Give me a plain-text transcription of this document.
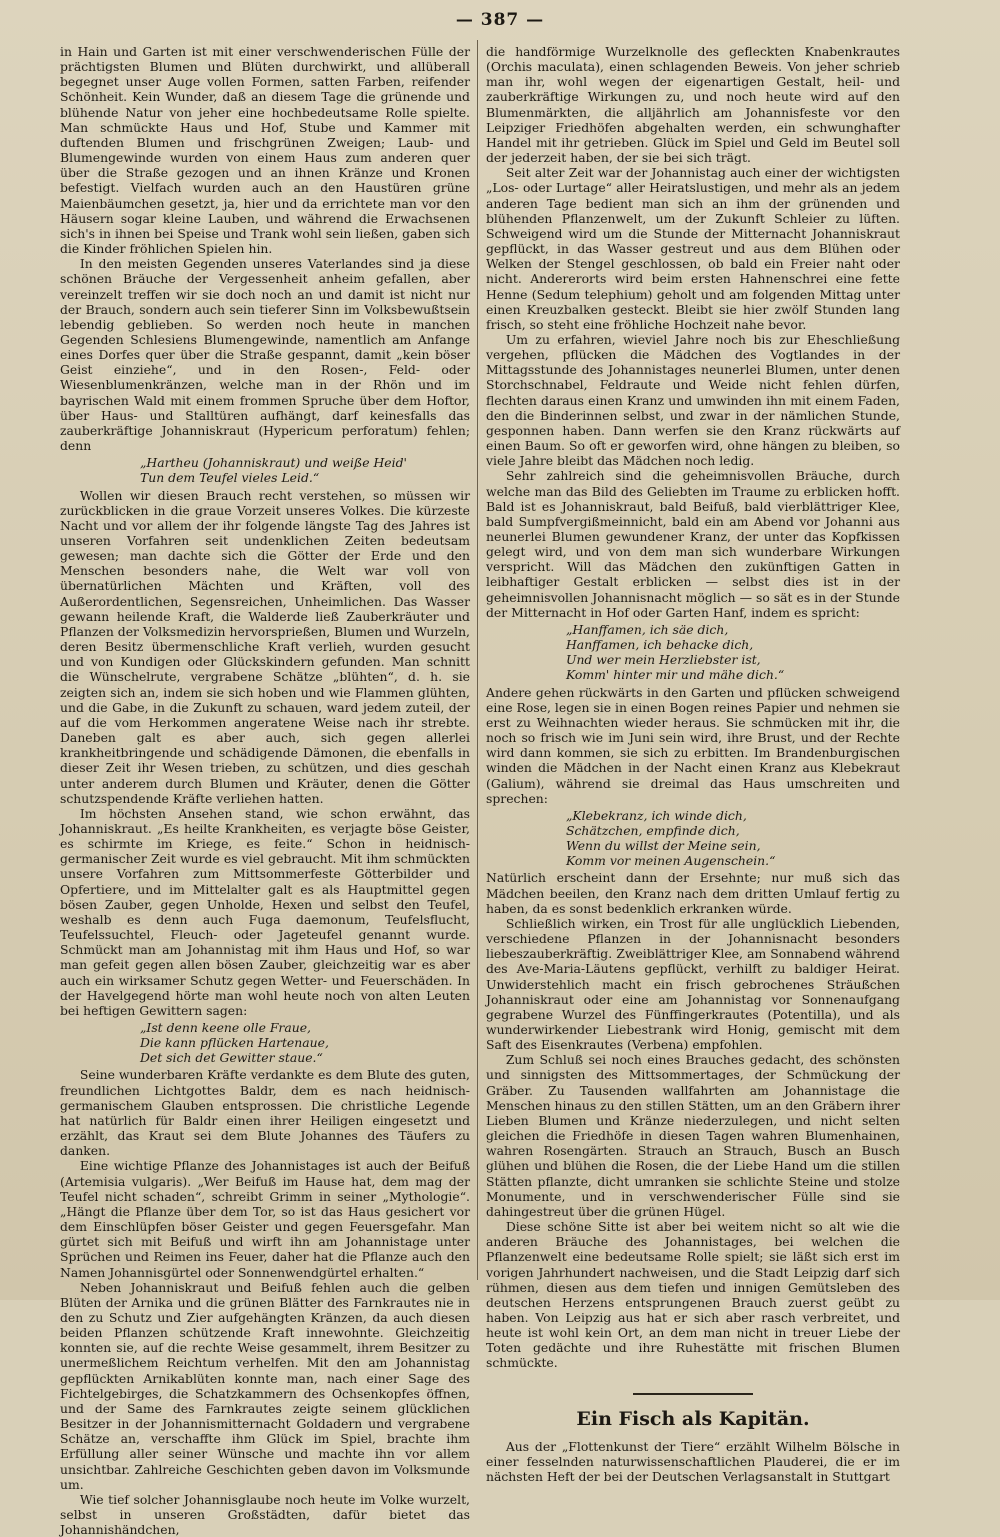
— 387 —

in Hain und Garten ist mit einer verschwenderischen Fülle der prächtigsten Blumen und Blüten durchwirkt, und allüberall begegnet unser Auge vollen Formen, satten Farben, reifender Schönheit. Kein Wunder, daß an diesem Tage die grünende und blühende Natur von jeher eine hochbedeutsame Rolle spielte. Man schmückte Haus und Hof, Stube und Kammer mit duftenden Blumen und frischgrünen Zweigen; Laub- und Blumengewinde wurden von einem Haus zum anderen quer über die Straße gezogen und an ihnen Kränze und Kronen befestigt. Vielfach wurden auch an den Haustüren grüne Maienbäumchen gesetzt, ja, hier und da errichtete man vor den Häusern sogar kleine Lauben, und während die Erwachsenen sich's in ihnen bei Speise und Trank wohl sein ließen, gaben sich die Kinder fröhlichen Spielen hin.

In den meisten Gegenden unseres Vaterlandes sind ja diese schönen Bräuche der Vergessenheit anheim gefallen, aber vereinzelt treffen wir sie doch noch an und damit ist nicht nur der Brauch, sondern auch sein tieferer Sinn im Volksbewußtsein lebendig geblieben. So werden noch heute in manchen Gegenden Schlesiens Blumengewinde, namentlich am Anfange eines Dorfes quer über die Straße gespannt, damit „kein böser Geist einziehe“, und in den Rosen-, Feld- oder Wiesenblumenkränzen, welche man in der Rhön und im bayrischen Wald mit einem frommen Spruche über dem Hoftor, über Haus- und Stalltüren aufhängt, darf keinesfalls das zauberkräftige Johanniskraut (Hypericum perforatum) fehlen; denn

„Hartheu (Johanniskraut) und weiße Heid'
Tun dem Teufel vieles Leid.“

Wollen wir diesen Brauch recht verstehen, so müssen wir zurückblicken in die graue Vorzeit unseres Volkes. Die kürzeste Nacht und vor allem der ihr folgende längste Tag des Jahres ist unseren Vorfahren seit undenklichen Zeiten bedeutsam gewesen; man dachte sich die Götter der Erde und den Menschen besonders nahe, die Welt war voll von übernatürlichen Mächten und Kräften, voll des Außerordentlichen, Segensreichen, Unheimlichen. Das Wasser gewann heilende Kraft, die Walderde ließ Zauberkräuter und Pflanzen der Volksmedizin hervorsprießen, Blumen und Wurzeln, deren Besitz übermenschliche Kraft verlieh, wurden gesucht und von Kundigen oder Glückskindern gefunden. Man schnitt die Wünschelrute, vergrabene Schätze „blühten“, d. h. sie zeigten sich an, indem sie sich hoben und wie Flammen glühten, und die Gabe, in die Zukunft zu schauen, ward jedem zuteil, der auf die vom Herkommen angeratene Weise nach ihr strebte. Daneben galt es aber auch, sich gegen allerlei krankheitbringende und schädigende Dämonen, die ebenfalls in dieser Zeit ihr Wesen trieben, zu schützen, und dies geschah unter anderem durch Blumen und Kräuter, denen die Götter schutzspendende Kräfte verliehen hatten.

Im höchsten Ansehen stand, wie schon erwähnt, das Johanniskraut. „Es heilte Krankheiten, es verjagte böse Geister, es schirmte im Kriege, es feite.“ Schon in heidnisch-germanischer Zeit wurde es viel gebraucht. Mit ihm schmückten unsere Vorfahren zum Mittsommerfeste Götterbilder und Opfertiere, und im Mittelalter galt es als Hauptmittel gegen bösen Zauber, gegen Unholde, Hexen und selbst den Teufel, weshalb es denn auch Fuga daemonum, Teufelsflucht, Teufelssuchtel, Fleuch- oder Jageteufel genannt wurde. Schmückt man am Johannistag mit ihm Haus und Hof, so war man gefeit gegen allen bösen Zauber, gleichzeitig war es aber auch ein wirksamer Schutz gegen Wetter- und Feuerschäden. In der Havelgegend hörte man wohl heute noch von alten Leuten bei heftigen Gewittern sagen:

„Ist denn keene olle Fraue,
Die kann pflücken Hartenaue,
Det sich det Gewitter staue.“

Seine wunderbaren Kräfte verdankte es dem Blute des guten, freundlichen Lichtgottes Baldr, dem es nach heidnisch-germanischem Glauben entsprossen. Die christliche Legende hat natürlich für Baldr einen ihrer Heiligen eingesetzt und erzählt, das Kraut sei dem Blute Johannes des Täufers zu danken.

Eine wichtige Pflanze des Johannistages ist auch der Beifuß (Artemisia vulgaris). „Wer Beifuß im Hause hat, dem mag der Teufel nicht schaden“, schreibt Grimm in seiner „Mythologie“. „Hängt die Pflanze über dem Tor, so ist das Haus gesichert vor dem Einschlüpfen böser Geister und gegen Feuersgefahr. Man gürtet sich mit Beifuß und wirft ihn am Johannistage unter Sprüchen und Reimen ins Feuer, daher hat die Pflanze auch den Namen Johannisgürtel oder Sonnenwendgürtel erhalten.“

Neben Johanniskraut und Beifuß fehlen auch die gelben Blüten der Arnika und die grünen Blätter des Farnkrautes nie in den zu Schutz und Zier aufgehängten Kränzen, da auch diesen beiden Pflanzen schützende Kraft innewohnte. Gleichzeitig konnten sie, auf die rechte Weise gesammelt, ihrem Besitzer zu unermeßlichem Reichtum verhelfen. Mit den am Johannistag gepflückten Arnikablüten konnte man, nach einer Sage des Fichtelgebirges, die Schatzkammern des Ochsenkopfes öffnen, und der Same des Farnkrautes zeigte seinem glücklichen Besitzer in der Johannismitternacht Goldadern und vergrabene Schätze an, verschaffte ihm Glück im Spiel, brachte ihm Erfüllung aller seiner Wünsche und machte ihn vor allem unsichtbar. Zahlreiche Geschichten geben davon im Volksmunde um.

Wie tief solcher Johannisglaube noch heute im Volke wurzelt, selbst in unseren Großstädten, dafür bietet das Johannishändchen,

die handförmige Wurzelknolle des gefleckten Knabenkrautes (Orchis maculata), einen schlagenden Beweis. Von jeher schrieb man ihr, wohl wegen der eigenartigen Gestalt, heil- und zauberkräftige Wirkungen zu, und noch heute wird auf den Blumenmärkten, die alljährlich am Johannisfeste vor den Leipziger Friedhöfen abgehalten werden, ein schwunghafter Handel mit ihr getrieben. Glück im Spiel und Geld im Beutel soll der jederzeit haben, der sie bei sich trägt.

Seit alter Zeit war der Johannistag auch einer der wichtigsten „Los- oder Lurtage“ aller Heiratslustigen, und mehr als an jedem anderen Tage bedient man sich an ihm der grünenden und blühenden Pflanzenwelt, um der Zukunft Schleier zu lüften. Schweigend wird um die Stunde der Mitternacht Johanniskraut gepflückt, in das Wasser gestreut und aus dem Blühen oder Welken der Stengel geschlossen, ob bald ein Freier naht oder nicht. Andererorts wird beim ersten Hahnenschrei eine fette Henne (Sedum telephium) geholt und am folgenden Mittag unter einen Kreuzbalken gesteckt. Bleibt sie hier zwölf Stunden lang frisch, so steht eine fröhliche Hochzeit nahe bevor.

Um zu erfahren, wieviel Jahre noch bis zur Eheschließung vergehen, pflücken die Mädchen des Vogtlandes in der Mittagsstunde des Johannistages neunerlei Blumen, unter denen Storchschnabel, Feldraute und Weide nicht fehlen dürfen, flechten daraus einen Kranz und umwinden ihn mit einem Faden, den die Binderinnen selbst, und zwar in der nämlichen Stunde, gesponnen haben. Dann werfen sie den Kranz rückwärts auf einen Baum. So oft er geworfen wird, ohne hängen zu bleiben, so viele Jahre bleibt das Mädchen noch ledig.

Sehr zahlreich sind die geheimnisvollen Bräuche, durch welche man das Bild des Geliebten im Traume zu erblicken hofft. Bald ist es Johanniskraut, bald Beifuß, bald vierblättriger Klee, bald Sumpfvergißmeinnicht, bald ein am Abend vor Johanni aus neunerlei Blumen gewundener Kranz, der unter das Kopfkissen gelegt wird, und von dem man sich wunderbare Wirkungen verspricht. Will das Mädchen den zukünftigen Gatten in leibhaftiger Gestalt erblicken — selbst dies ist in der geheimnisvollen Johannisnacht möglich — so sät es in der Stunde der Mitternacht in Hof oder Garten Hanf, indem es spricht:

„Hanffamen, ich säe dich,
Hanffamen, ich behacke dich,
Und wer mein Herzliebster ist,
Komm' hinter mir und mähe dich.“

Andere gehen rückwärts in den Garten und pflücken schweigend eine Rose, legen sie in einen Bogen reines Papier und nehmen sie erst zu Weihnachten wieder heraus. Sie schmücken mit ihr, die noch so frisch wie im Juni sein wird, ihre Brust, und der Rechte wird dann kommen, sie sich zu erbitten. Im Brandenburgischen winden die Mädchen in der Nacht einen Kranz aus Klebekraut (Galium), während sie dreimal das Haus umschreiten und sprechen:

„Klebekranz, ich winde dich,
Schätzchen, empfinde dich,
Wenn du willst der Meine sein,
Komm vor meinen Augenschein.“

Natürlich erscheint dann der Ersehnte; nur muß sich das Mädchen beeilen, den Kranz nach dem dritten Umlauf fertig zu haben, da es sonst bedenklich erkranken würde.

Schließlich wirken, ein Trost für alle unglücklich Liebenden, verschiedene Pflanzen in der Johannisnacht besonders liebeszauberkräftig. Zweiblättriger Klee, am Sonnabend während des Ave-Maria-Läutens gepflückt, verhilft zu baldiger Heirat. Unwiderstehlich macht ein frisch gebrochenes Sträußchen Johanniskraut oder eine am Johannistag vor Sonnenaufgang gegrabene Wurzel des Fünffingerkrautes (Potentilla), und als wunderwirkender Liebestrank wird Honig, gemischt mit dem Saft des Eisenkrautes (Verbena) empfohlen.

Zum Schluß sei noch eines Brauches gedacht, des schönsten und sinnigsten des Mittsommertages, der Schmückung der Gräber. Zu Tausenden wallfahrten am Johannistage die Menschen hinaus zu den stillen Stätten, um an den Gräbern ihrer Lieben Blumen und Kränze niederzulegen, und nicht selten gleichen die Friedhöfe in diesen Tagen wahren Blumenhainen, wahren Rosengärten. Strauch an Strauch, Busch an Busch glühen und blühen die Rosen, die der Liebe Hand um die stillen Stätten pflanzte, dicht umranken sie schlichte Steine und stolze Monumente, und in verschwenderischer Fülle sind sie dahingestreut über die grünen Hügel.

Diese schöne Sitte ist aber bei weitem nicht so alt wie die anderen Bräuche des Johannistages, bei welchen die Pflanzenwelt eine bedeutsame Rolle spielt; sie läßt sich erst im vorigen Jahrhundert nachweisen, und die Stadt Leipzig darf sich rühmen, diesen aus dem tiefen und innigen Gemütsleben des deutschen Herzens entsprungenen Brauch zuerst geübt zu haben. Von Leipzig aus hat er sich aber rasch verbreitet, und heute ist wohl kein Ort, an dem man nicht in treuer Liebe der Toten gedächte und ihre Ruhestätte mit frischen Blumen schmückte.

Ein Fisch als Kapitän.

Aus der „Flottenkunst der Tiere“ erzählt Wilhelm Bölsche in einer fesselnden naturwissenschaftlichen Plauderei, die er im nächsten Heft der bei der Deutschen Verlagsanstalt in Stuttgart
